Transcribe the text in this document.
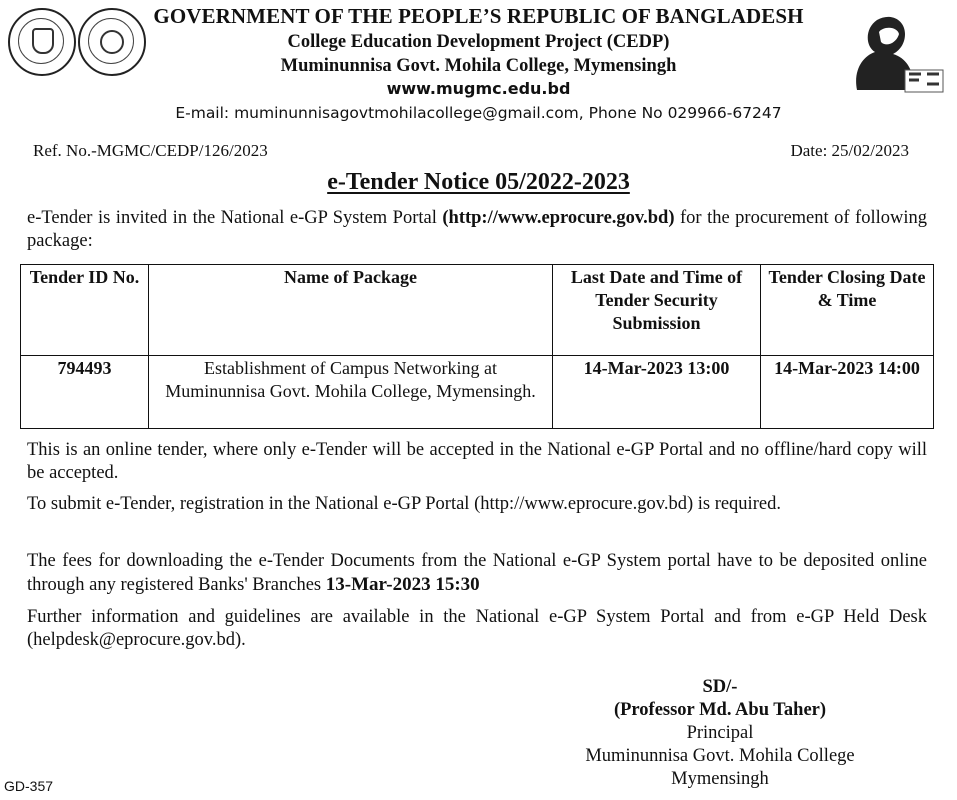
GOVERNMENT OF THE PEOPLE’S REPUBLIC OF BANGLADESH
College Education Development Project (CEDP)
Muminunnisa Govt. Mohila College, Mymensingh
www.mugmc.edu.bd
E-mail: muminunnisagovtmohilacollege@gmail.com, Phone No 029966-67247
Ref. No.-MGMC/CEDP/126/2023	Date: 25/02/2023
e-Tender Notice 05/2022-2023
e-Tender is invited in the National e-GP System Portal (http://www.eprocure.gov.bd) for the procurement of following package:
Tender ID No.	Name of Package	Last Date and Time of Tender Security Submission	Tender Closing Date & Time
794493	Establishment of Campus Networking at Muminunnisa Govt. Mohila College, Mymensingh.	14-Mar-2023 13:00	14-Mar-2023 14:00
This is an online tender, where only e-Tender will be accepted in the National e-GP Portal and no offline/hard copy will be accepted.
To submit e-Tender, registration in the National e-GP Portal (http://www.eprocure.gov.bd) is required.
The fees for downloading the e-Tender Documents from the National e-GP System portal have to be deposited online through any registered Banks' Branches 13-Mar-2023 15:30
Further information and guidelines are available in the National e-GP System Portal and from e-GP Held Desk (helpdesk@eprocure.gov.bd).
SD/-
(Professor Md. Abu Taher)
Principal
Muminunnisa Govt. Mohila College
Mymensingh
GD-357
